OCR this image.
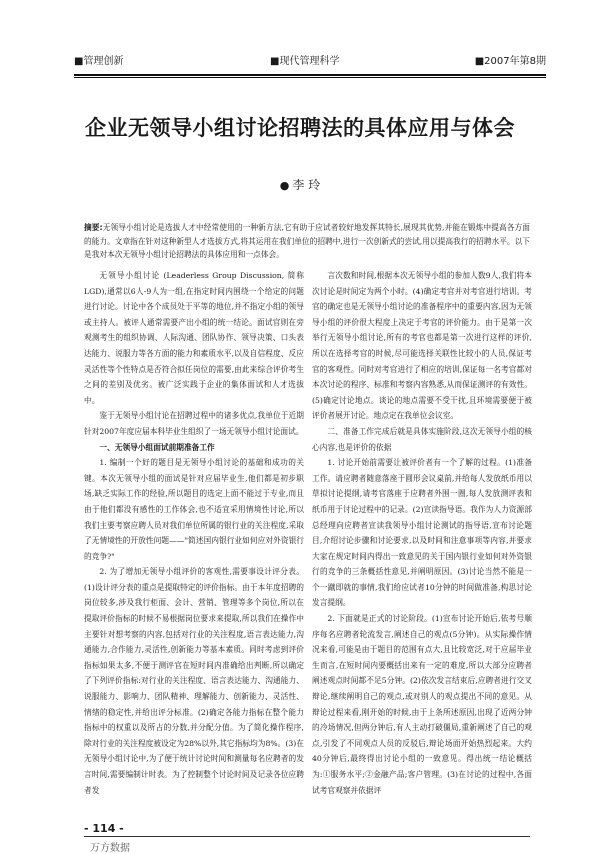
■管理创新	■现代管理科学	■2007年第8期
企业无领导小组讨论招聘法的具体应用与体会
● 李 玲
摘要:无领导小组讨论是选拔人才中经常使用的一种新方法,它有助于应试者较好地发挥其特长,展现其优势,并能在锻炼中提高各方面的能力。文章指在针对这种新型人才选拔方式,将其运用在我们单位的招聘中,进行一次创新式的尝试,用以提高我行的招聘水平。以下是我对本次无领导小组讨论招聘法的具体应用和一点体会。

无领导小组讨论 (Leaderless Group Discussion, 简称LGD),通常以6人-9人为一组,在指定时间内围绕一个给定的问题进行讨论。讨论中各个成员处于平等的地位,并不指定小组的领导或主持人。被评人通常需要产出小组的统一结论。面试官则在旁观测考生的组织协调、人际沟通、团队协作、领导决策、口头表达能力、说服力等各方面的能力和素质水平,以及自信程度、反应灵活性等个性特点是否符合拟任岗位的需要,由此来综合评价考生之间的差别及优劣。被广泛实践于企业的集体面试和人才选拔中。

鉴于无领导小组讨论在招聘过程中的诸多优点,我单位于近期针对2007年度应届本科毕业生组织了一场无领导小组讨论面试。

一、无领导小组面试前期准备工作

1. 编制一个好的题目是无领导小组讨论的基础和成功的关键。本次无领导小组的面试是针对应届毕业生,他们都是初步职场,缺乏实际工作的经验,所以题目的选定上面不能过于专业,而且由于他们都没有感性的工作体会,也不适宜采用情境性讨论,所以我们主要考察应聘人员对我们单位所属的银行业的关注程度,采取了无情境性的开放性问题——"简述国内银行业如何应对外资银行的竞争?"

2. 为了增加无领导小组评价的客观性,需要事设计评分表。(1)设计评分表的重点是提取特定的评价指标。由于本年度招聘的岗位较多,涉及我行柜面、会计、营销、管理等多个岗位,所以在提取评价指标的时候不易根据岗位要求来提取,所以我们在操作中主要针对想考察的内容,包括对行业的关注程度,语言表达能力,沟通能力,合作能力,灵活性,创新能力等基本素质。同时考虑到评价指标如果太多,不便于测评官在短时间内准确给出判断,所以确定了下列评价指标:对行业的关注程度、语言表达能力、沟通能力、说服能力、影响力、团队精神、理解能力、创新能力、灵活性、情绪的稳定性,并给出评分标准。(2)确定各能力指标在整个能力指标中的权重以及所占的分数,并分配分值。为了简化操作程序,除对行业的关注程度被设定为28%以外,其它指标均为8%。(3)在无领导小组讨论中,为了便于统计讨论时间和测量每名应聘者的发言时间,需要编制计时表。为了控制整个讨论时间及记录各位应聘者发

言次数和时间,根据本次无领导小组的参加人数9人,我们将本次讨论是时间定为两个小时。(4)确定考官并对考官进行培训。考官的确定也是无领导小组讨论的准备程序中的重要内容,因为无领导小组的评价很大程度上决定于考官的评价能力。由于是第一次举行无领导小组讨论,所有的考官也都是第一次进行这样的评价,所以在选择考官的时候,尽可能选择关联性比较小的人员,保证考官的客观性。同时对考官进行了相应的培训,保证每一名考官都对本次讨论的程序、标准和考察内容熟悉,从而保证测评的有效性。(5)确定讨论地点。谈论的地点需要不受干扰,且环境需要便于被评价者展开讨论。地点定在我单位会议室。

二、准备工作完成后就是具体实施阶段,这次无领导小组的核心内容,也是评价的依据

1. 讨论开始前需要让被评价者有一个了解的过程。(1)准备工作。请应聘者随意落座于圆形会议桌前,并给每人发放纸币用以草拟讨论提纲,请考官落座于应聘者外围一圈,每人发放测评表和纸币用于讨论过程中的记录。(2)宣读指导语。我作为人力资源部总经理向应聘者宣读我领导小组讨论测试的指导语,宣布讨论题目,介绍讨论步骤和讨论要求,以及时间和注意事项等内容,并要求大家在规定时间内得出一致意见的关于国内银行业如何对外资银行的竞争的三条概括性意见,并阐明原因。(3)讨论当然不能是一个一蹴即就的事情,我们给应试者10分钟的时间做准备,构思讨论发言提纲。

2. 下面就是正式的讨论阶段。(1)宣布讨论开始后,依考号顺序每名应聘者轮流发言,阐述自己的观点(5分钟)。从实际操作情况来看,可能是由于题目的范围有点大,且比较宽泛,对于应届毕业生而言,在短时间内要概括出来有一定的难度,所以大部分应聘者阐述观点时间都不足5分钟。(2)依次发言结束后,应聘者进行交叉辩论,继续阐明自己的观点,或对别人的观点提出不同的意见。从辩论过程来看,刚开始的时候,由于上条所述原因,出现了近两分钟的冷场情况,但两分钟后,有人主动打破僵局,重新阐述了自己的观点,引发了不同观点人员的反驳后,辩论场面开始热烈起来。大约40分钟后,最终得出讨论小组的一致意见。得出统一结论概括为:①服务水平;②金融产品;客户管理。(3)在讨论的过程中,各面试考官观察并依据评

- 114 -
万方数据
